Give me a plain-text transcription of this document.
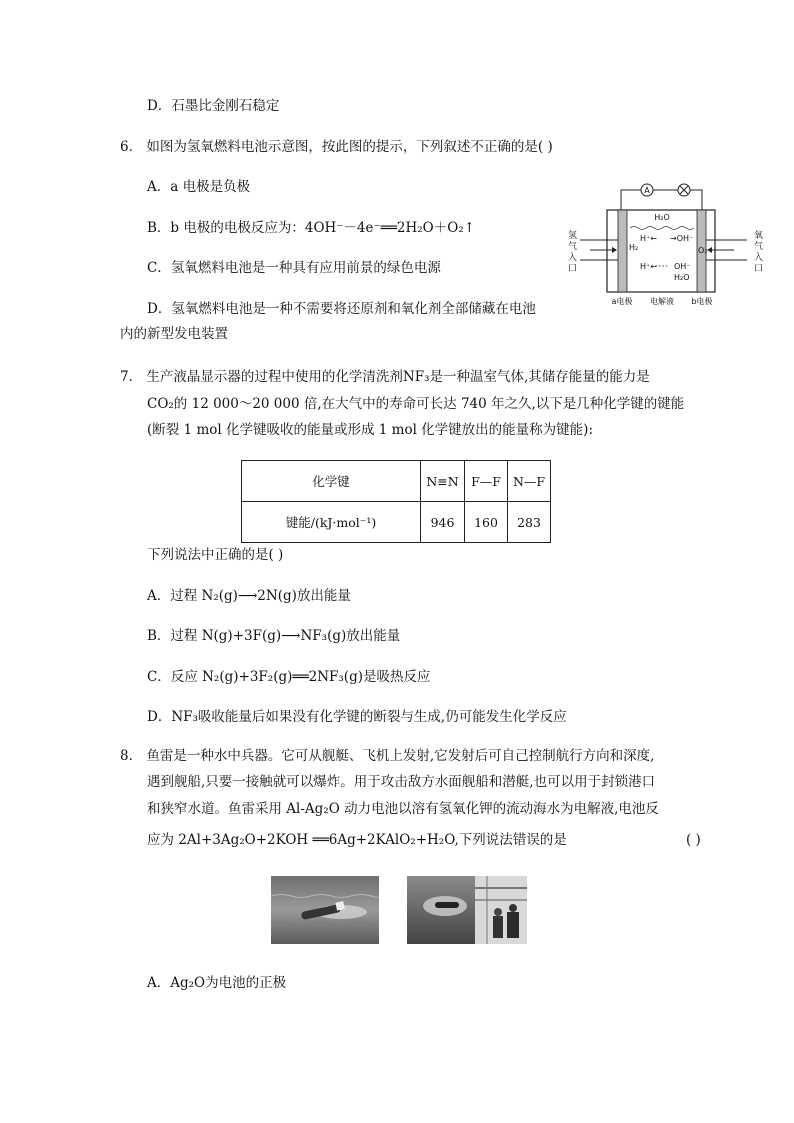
D．石墨比金刚石稳定
6． 如图为氢氧燃料电池示意图，按此图的提示，下列叙述不正确的是( )
A．a 电极是负极
B．b 电极的电极反应为：4OH⁻－4e⁻══2H₂O＋O₂↑
C．氢氧燃料电池是一种具有应用前景的绿色电源
D．氢氧燃料电池是一种不需要将还原剂和氧化剂全部储藏在电池
内的新型发电装置
A
H₂O
H⁺← →OH⁻
H₂	O₂
H⁺← OH⁻
H₂O
氢气入口
氧气入口
a电极 电解液 b电极
7． 生产液晶显示器的过程中使用的化学清洗剂NF₃是一种温室气体,其储存能量的能力是
CO₂的 12 000～20 000 倍,在大气中的寿命可长达 740 年之久,以下是几种化学键的键能
(断裂 1 mol 化学键吸收的能量或形成 1 mol 化学键放出的能量称为键能):
化学键	N≡N	F—F	N—F
键能/(kJ·mol⁻¹)	946	160	283
下列说法中正确的是( )
A．过程 N₂(g)⟶2N(g)放出能量
B．过程 N(g)+3F(g)⟶NF₃(g)放出能量
C．反应 N₂(g)+3F₂(g)══2NF₃(g)是吸热反应
D．NF₃吸收能量后如果没有化学键的断裂与生成,仍可能发生化学反应
8． 鱼雷是一种水中兵器。它可从舰艇、飞机上发射,它发射后可自己控制航行方向和深度,
遇到舰船,只要一接触就可以爆炸。用于攻击敌方水面舰船和潜艇,也可以用于封锁港口
和狭窄水道。鱼雷采用 Al-Ag₂O 动力电池以溶有氢氧化钾的流动海水为电解液,电池反
应为 2Al+3Ag₂O+2KOH ══6Ag+2KAlO₂+H₂O,下列说法错误的是	( )
A．Ag₂O为电池的正极
